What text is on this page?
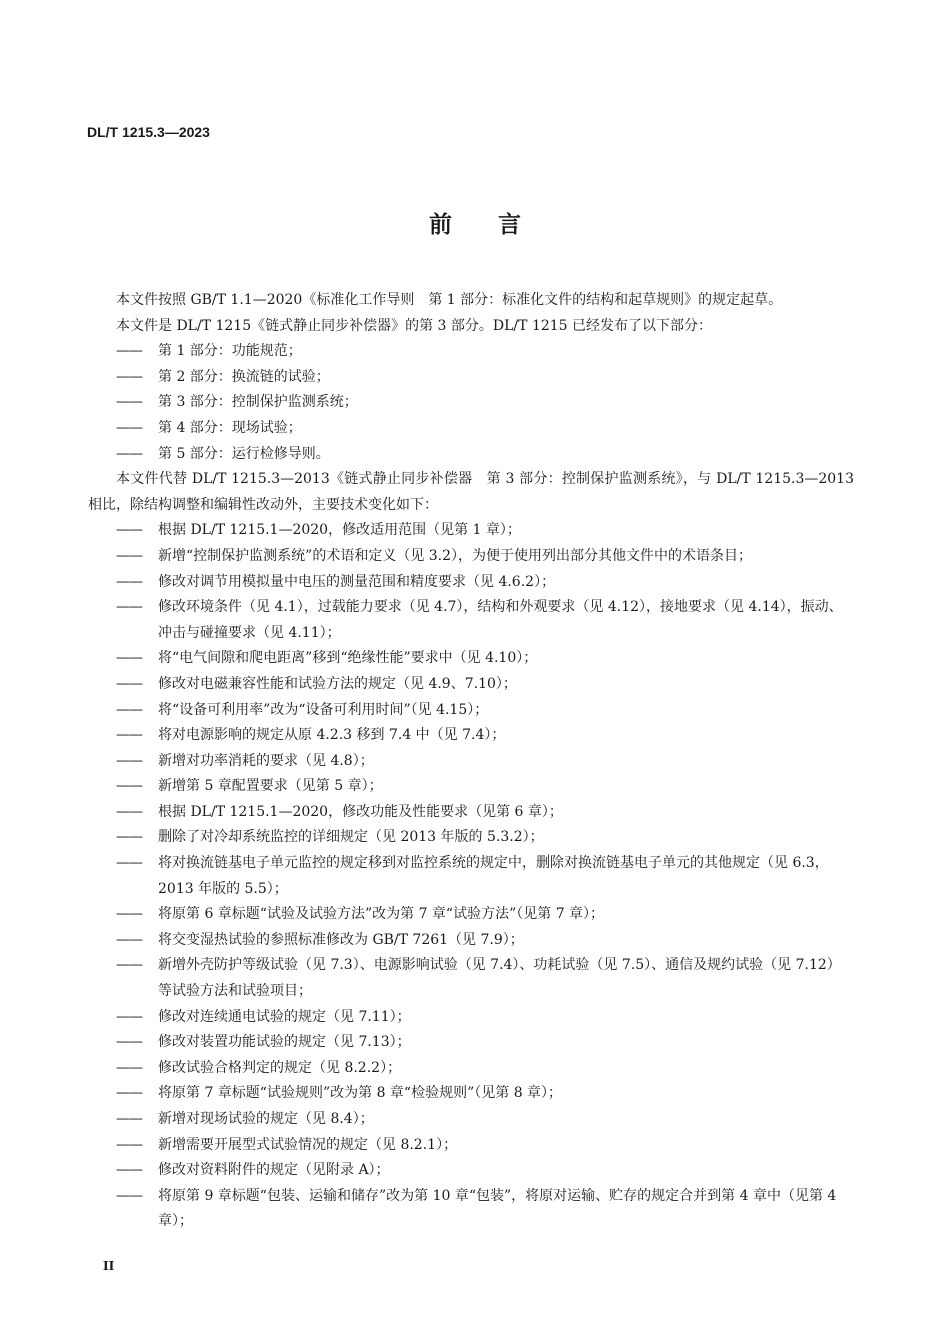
DL/T 1215.3—2023
前言

本文件按照 GB/T 1.1—2020《标准化工作导则　第 1 部分：标准化文件的结构和起草规则》的规定起草。

本文件是 DL/T 1215《链式静止同步补偿器》的第 3 部分。DL/T 1215 已经发布了以下部分：

—— 第 1 部分：功能规范；

—— 第 2 部分：换流链的试验；

—— 第 3 部分：控制保护监测系统；

—— 第 4 部分：现场试验；

—— 第 5 部分：运行检修导则。

本文件代替 DL/T 1215.3—2013《链式静止同步补偿器　第 3 部分：控制保护监测系统》，与 DL/T 1215.3—2013 相比，除结构调整和编辑性改动外，主要技术变化如下：

—— 根据 DL/T 1215.1—2020，修改适用范围（见第 1 章）；

—— 新增“控制保护监测系统”的术语和定义（见 3.2），为便于使用列出部分其他文件中的术语条目；

—— 修改对调节用模拟量中电压的测量范围和精度要求（见 4.6.2）；

—— 修改环境条件（见 4.1），过载能力要求（见 4.7），结构和外观要求（见 4.12），接地要求（见 4.14），振动、冲击与碰撞要求（见 4.11）；

—— 将“电气间隙和爬电距离”移到“绝缘性能”要求中（见 4.10）；

—— 修改对电磁兼容性能和试验方法的规定（见 4.9、7.10）；

—— 将“设备可利用率”改为“设备可利用时间”（见 4.15）；

—— 将对电源影响的规定从原 4.2.3 移到 7.4 中（见 7.4）；

—— 新增对功率消耗的要求（见 4.8）；

—— 新增第 5 章配置要求（见第 5 章）；

—— 根据 DL/T 1215.1—2020，修改功能及性能要求（见第 6 章）；

—— 删除了对冷却系统监控的详细规定（见 2013 年版的 5.3.2）；

—— 将对换流链基电子单元监控的规定移到对监控系统的规定中，删除对换流链基电子单元的其他规定（见 6.3，2013 年版的 5.5）；

—— 将原第 6 章标题“试验及试验方法”改为第 7 章“试验方法”（见第 7 章）；

—— 将交变湿热试验的参照标准修改为 GB/T 7261（见 7.9）；

—— 新增外壳防护等级试验（见 7.3）、电源影响试验（见 7.4）、功耗试验（见 7.5）、通信及规约试验（见 7.12）等试验方法和试验项目；

—— 修改对连续通电试验的规定（见 7.11）；

—— 修改对装置功能试验的规定（见 7.13）；

—— 修改试验合格判定的规定（见 8.2.2）；

—— 将原第 7 章标题“试验规则”改为第 8 章“检验规则”（见第 8 章）；

—— 新增对现场试验的规定（见 8.4）；

—— 新增需要开展型式试验情况的规定（见 8.2.1）；

—— 修改对资料附件的规定（见附录 A）；

—— 将原第 9 章标题“包装、运输和储存”改为第 10 章“包装”，将原对运输、贮存的规定合并到第 4 章中（见第 4 章）；

II
